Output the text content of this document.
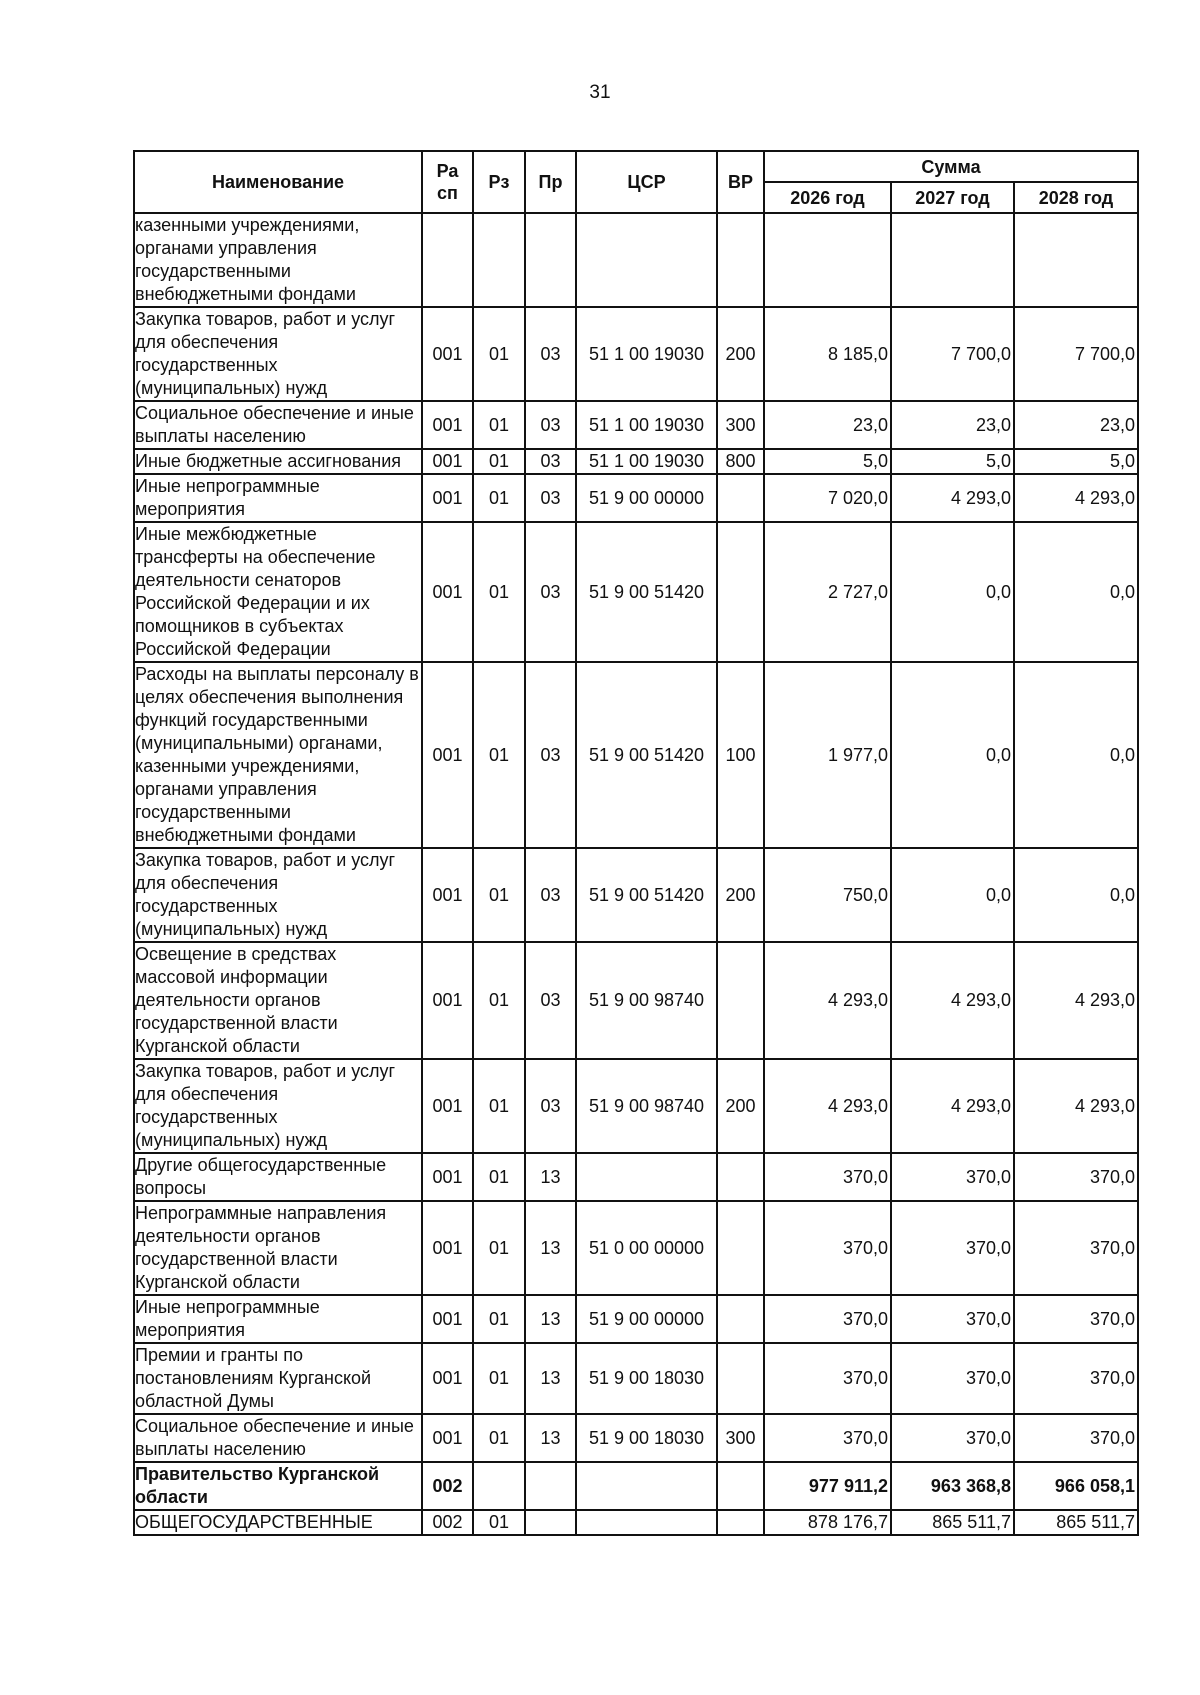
31
Наименование	Ра сп	Рз	Пр	ЦСР	ВР	Сумма		
						2026 год	2027 год	2028 год
казенными учреждениями, органами управления государственными внебюджетными фондами								
Закупка товаров, работ и услуг для обеспечения государственных (муниципальных) нужд	001	01	03	51 1 00 19030	200	8 185,0	7 700,0	7 700,0
Социальное обеспечение и иные выплаты населению	001	01	03	51 1 00 19030	300	23,0	23,0	23,0
Иные бюджетные ассигнования	001	01	03	51 1 00 19030	800	5,0	5,0	5,0
Иные непрограммные мероприятия	001	01	03	51 9 00 00000		7 020,0	4 293,0	4 293,0
Иные межбюджетные трансферты на обеспечение деятельности сенаторов Российской Федерации и их помощников в субъектах Российской Федерации	001	01	03	51 9 00 51420		2 727,0	0,0	0,0
Расходы на выплаты персоналу в целях обеспечения выполнения функций государственными (муниципальными) органами, казенными учреждениями, органами управления государственными внебюджетными фондами	001	01	03	51 9 00 51420	100	1 977,0	0,0	0,0
Закупка товаров, работ и услуг для обеспечения государственных (муниципальных) нужд	001	01	03	51 9 00 51420	200	750,0	0,0	0,0
Освещение в средствах массовой информации деятельности органов государственной власти Курганской области	001	01	03	51 9 00 98740		4 293,0	4 293,0	4 293,0
Закупка товаров, работ и услуг для обеспечения государственных (муниципальных) нужд	001	01	03	51 9 00 98740	200	4 293,0	4 293,0	4 293,0
Другие общегосударственные вопросы	001	01	13			370,0	370,0	370,0
Непрограммные направления деятельности органов государственной власти Курганской области	001	01	13	51 0 00 00000		370,0	370,0	370,0
Иные непрограммные мероприятия	001	01	13	51 9 00 00000		370,0	370,0	370,0
Премии и гранты по постановлениям Курганской областной Думы	001	01	13	51 9 00 18030		370,0	370,0	370,0
Социальное обеспечение и иные выплаты населению	001	01	13	51 9 00 18030	300	370,0	370,0	370,0
Правительство Курганской области	002					977 911,2	963 368,8	966 058,1
ОБЩЕГОСУДАРСТВЕННЫЕ	002	01				878 176,7	865 511,7	865 511,7
